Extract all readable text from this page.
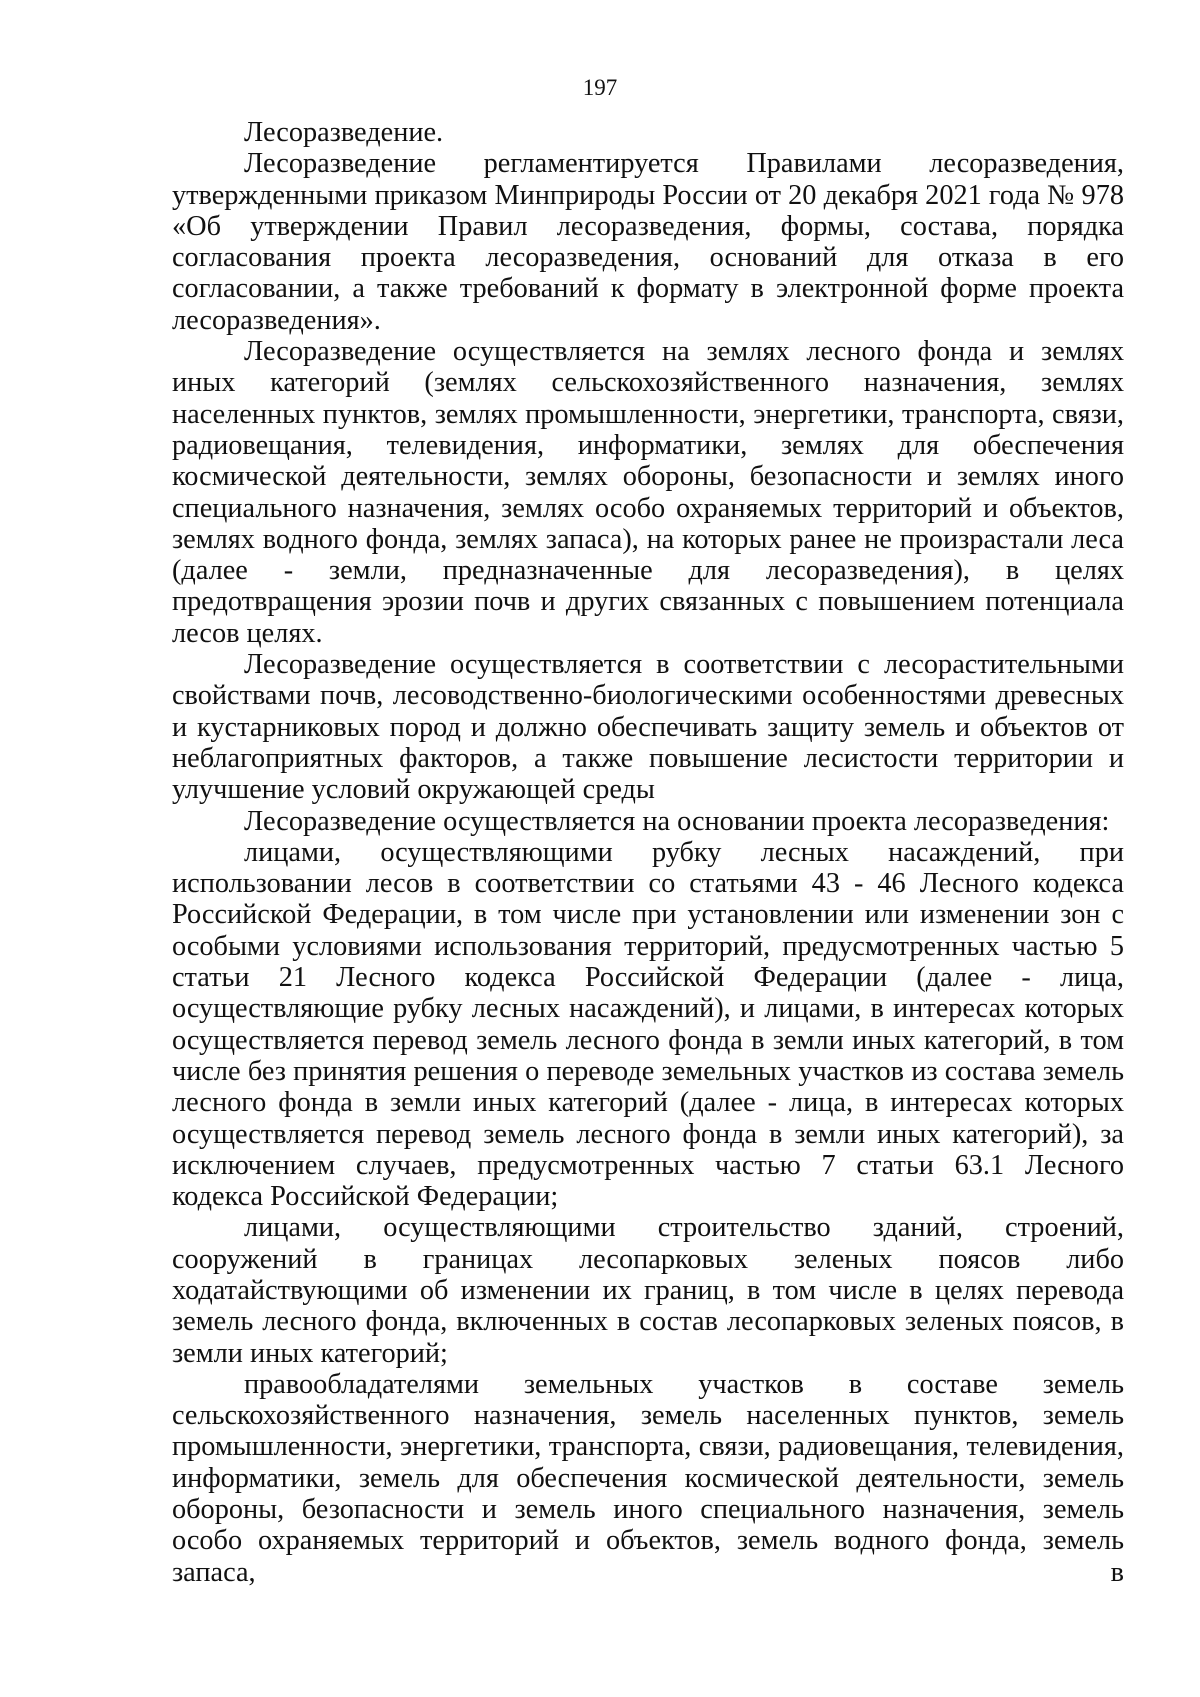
197

Лесоразведение.

Лесоразведение регламентируется Правилами лесоразведения, утвержденными приказом Минприроды России от 20 декабря 2021 года № 978 «Об утверждении Правил лесоразведения, формы, состава, порядка согласования проекта лесоразведения, оснований для отказа в его согласовании, а также требований к формату в электронной форме проекта лесоразведения».

Лесоразведение осуществляется на землях лесного фонда и землях иных категорий (землях сельскохозяйственного назначения, землях населенных пунктов, землях промышленности, энергетики, транспорта, связи, радиовещания, телевидения, информатики, землях для обеспечения космической деятельности, землях обороны, безопасности и землях иного специального назначения, землях особо охраняемых территорий и объектов, землях водного фонда, землях запаса), на которых ранее не произрастали леса (далее - земли, предназначенные для лесоразведения), в целях предотвращения эрозии почв и других связанных с повышением потенциала лесов целях.

Лесоразведение осуществляется в соответствии с лесорастительными свойствами почв, лесоводственно-биологическими особенностями древесных и кустарниковых пород и должно обеспечивать защиту земель и объектов от неблагоприятных факторов, а также повышение лесистости территории и улучшение условий окружающей среды

Лесоразведение осуществляется на основании проекта лесоразведения:

лицами, осуществляющими рубку лесных насаждений, при использовании лесов в соответствии со статьями 43 - 46 Лесного кодекса Российской Федерации, в том числе при установлении или изменении зон с особыми условиями использования территорий, предусмотренных частью 5 статьи 21 Лесного кодекса Российской Федерации (далее - лица, осуществляющие рубку лесных насаждений), и лицами, в интересах которых осуществляется перевод земель лесного фонда в земли иных категорий, в том числе без принятия решения о переводе земельных участков из состава земель лесного фонда в земли иных категорий (далее - лица, в интересах которых осуществляется перевод земель лесного фонда в земли иных категорий), за исключением случаев, предусмотренных частью 7 статьи 63.1 Лесного кодекса Российской Федерации;

лицами, осуществляющими строительство зданий, строений, сооружений в границах лесопарковых зеленых поясов либо ходатайствующими об изменении их границ, в том числе в целях перевода земель лесного фонда, включенных в состав лесопарковых зеленых поясов, в земли иных категорий;

правообладателями земельных участков в составе земель сельскохозяйственного назначения, земель населенных пунктов, земель промышленности, энергетики, транспорта, связи, радиовещания, телевидения, информатики, земель для обеспечения космической деятельности, земель обороны, безопасности и земель иного специального назначения, земель особо охраняемых территорий и объектов, земель водного фонда, земель запаса, в
